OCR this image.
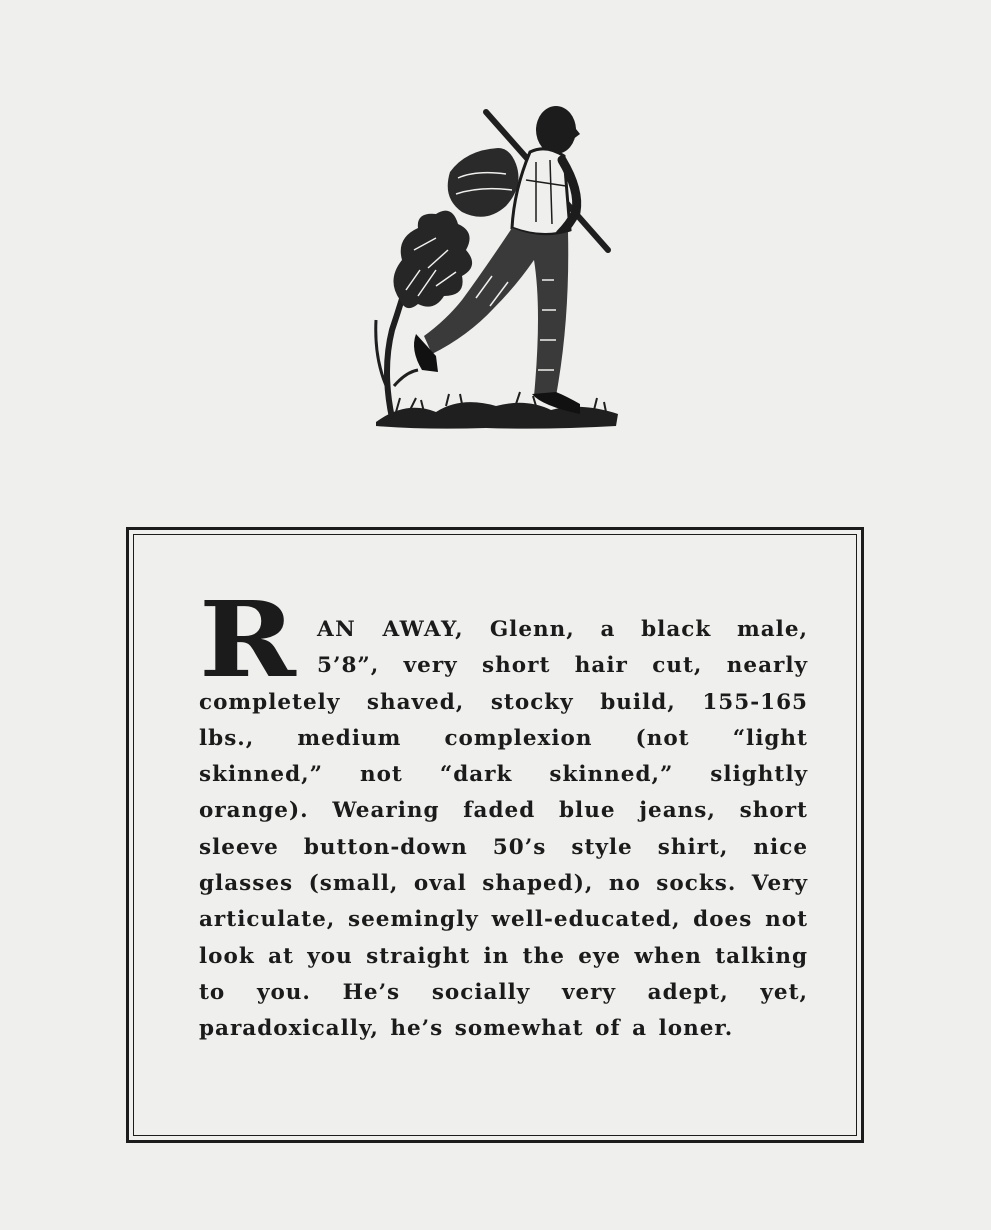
RAN AWAY, Glenn, a black male, 5’8”, very short hair cut, nearly completely shaved, stocky build, 155-165 lbs., medium complexion (not “light skinned,” not “dark skinned,” slightly orange). Wearing faded blue jeans, short sleeve button-down 50’s style shirt, nice glasses (small, oval shaped), no socks. Very articulate, seemingly well-educated, does not look at you straight in the eye when talking to you. He’s socially very adept, yet, paradoxically, he’s somewhat of a loner.
